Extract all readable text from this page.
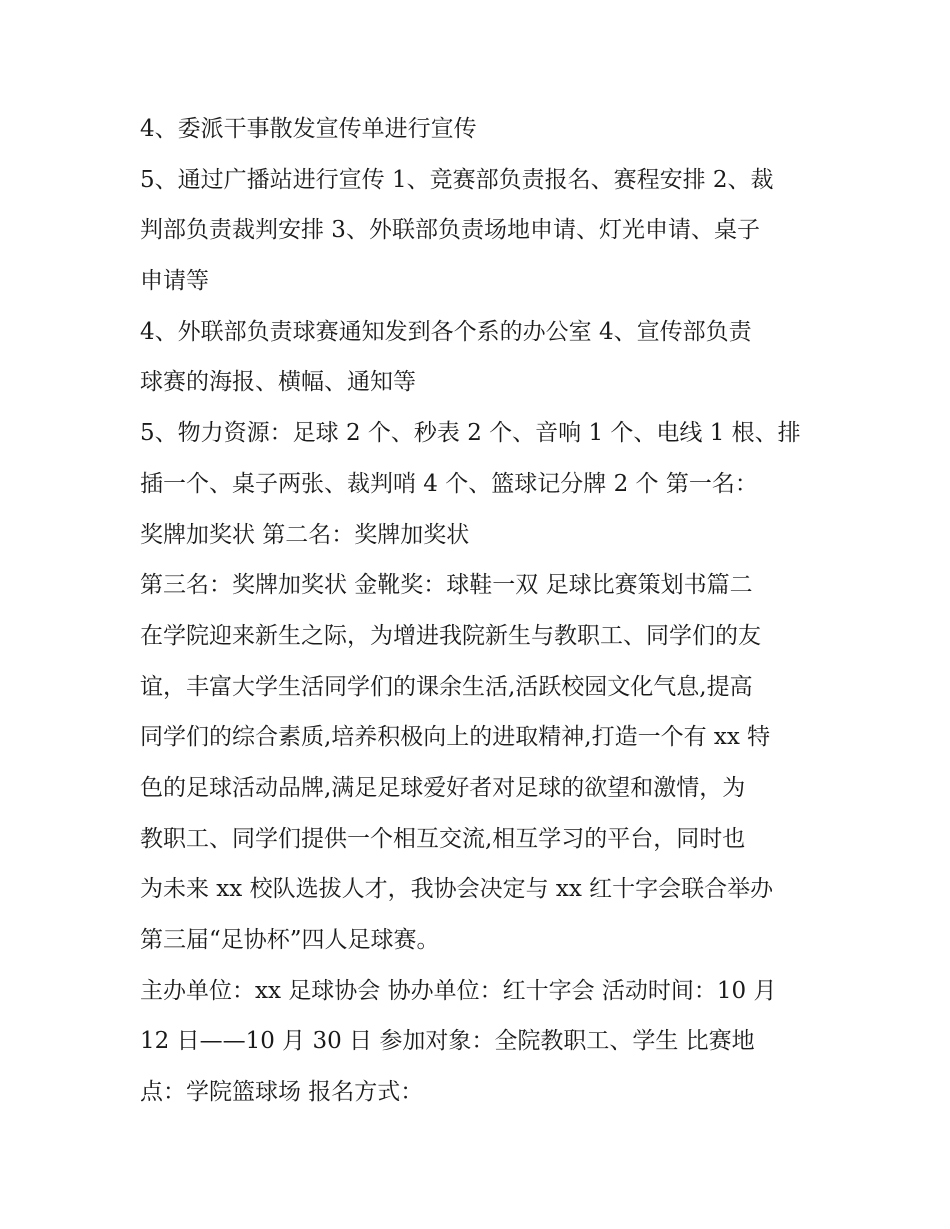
4、委派干事散发宣传单进行宣传
5、通过广播站进行宣传 1、竞赛部负责报名、赛程安排 2、裁
判部负责裁判安排 3、外联部负责场地申请、灯光申请、桌子
申请等
4、外联部负责球赛通知发到各个系的办公室 4、宣传部负责
球赛的海报、横幅、通知等
5、物力资源：足球 2 个、秒表 2 个、音响 1 个、电线 1 根、排
插一个、桌子两张、裁判哨 4 个、篮球记分牌 2 个 第一名：
奖牌加奖状 第二名：奖牌加奖状
第三名：奖牌加奖状 金靴奖：球鞋一双 足球比赛策划书篇二
在学院迎来新生之际，为增进我院新生与教职工、同学们的友
谊，丰富大学生活同学们的课余生活,活跃校园文化气息,提高
同学们的综合素质,培养积极向上的进取精神,打造一个有 xx 特
色的足球活动品牌,满足足球爱好者对足球的欲望和激情，为
教职工、同学们提供一个相互交流,相互学习的平台，同时也
为未来 xx 校队选拔人才，我协会决定与 xx 红十字会联合举办
第三届“足协杯”四人足球赛。
主办单位：xx 足球协会 协办单位：红十字会 活动时间：10 月
12 日——10 月 30 日 参加对象：全院教职工、学生 比赛地
点：学院篮球场 报名方式：
